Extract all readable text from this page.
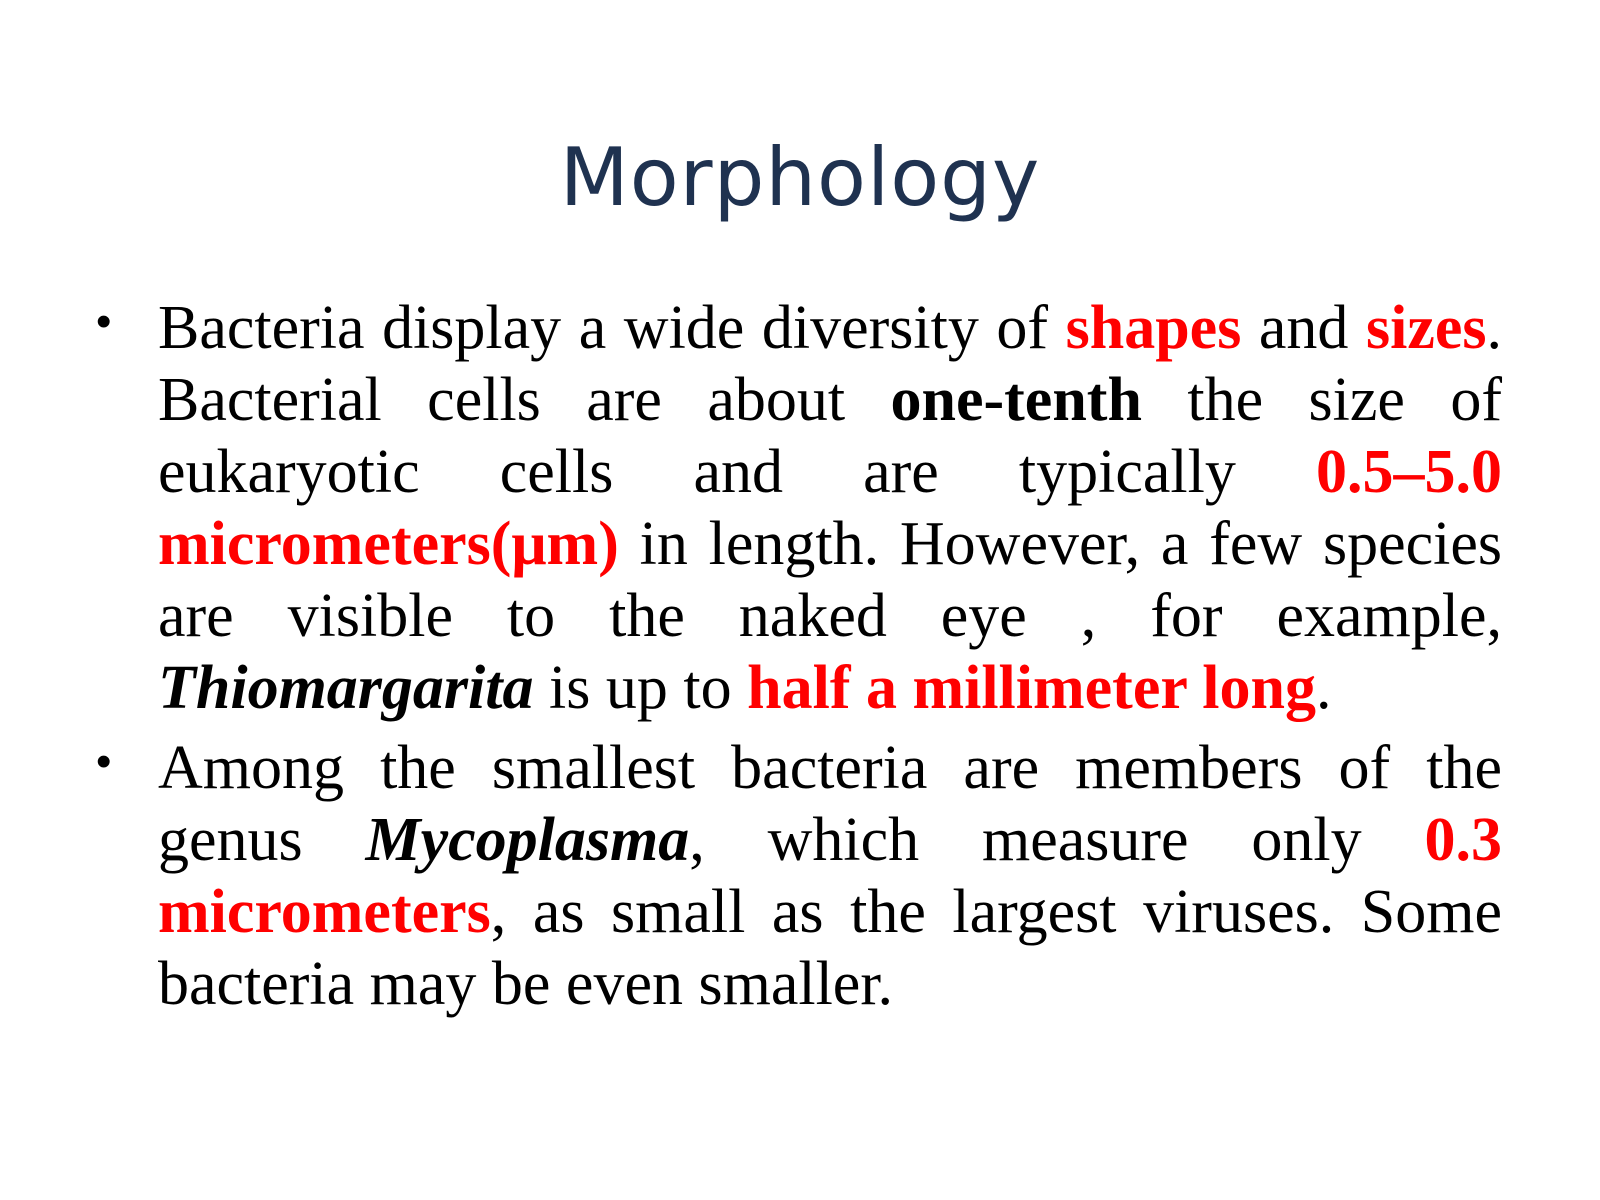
Morphology
• Bacteria display a wide diversity of shapes and sizes. Bacterial cells are about one-tenth the size of eukaryotic cells and are typically 0.5–5.0 micrometers(μm) in length. However, a few species are visible to the naked eye , for example, Thiomargarita is up to half a millimeter long.
• Among the smallest bacteria are members of the genus Mycoplasma, which measure only 0.3 micrometers, as small as the largest viruses. Some bacteria may be even smaller.
